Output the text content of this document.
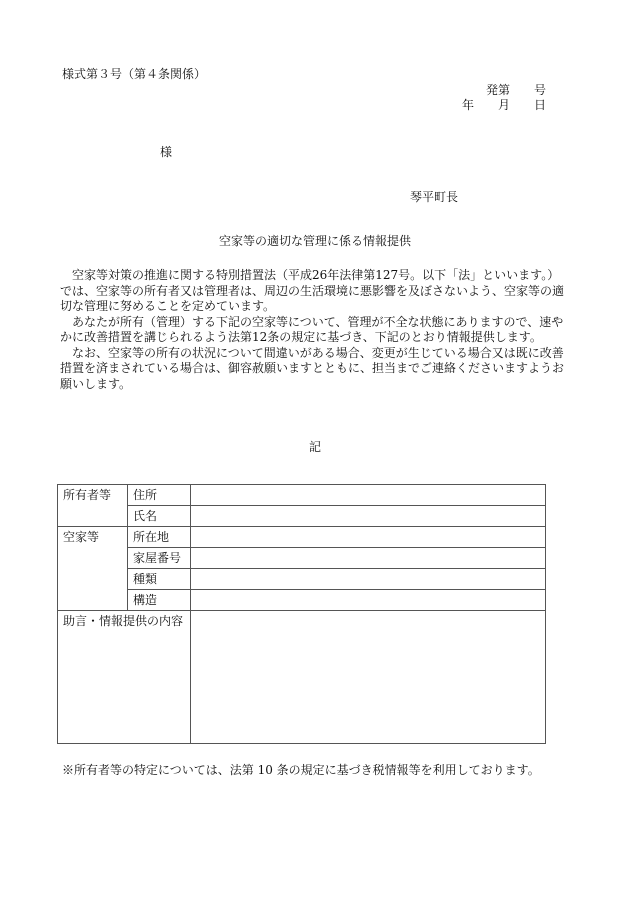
様式第３号（第４条関係）
発第　　号
年　　月　　日
様
琴平町長
空家等の適切な管理に係る情報提供

　空家等対策の推進に関する特別措置法（平成26年法律第127号。以下「法」といいます。）では、空家等の所有者又は管理者は、周辺の生活環境に悪影響を及ぼさないよう、空家等の適切な管理に努めることを定めています。

　あなたが所有（管理）する下記の空家等について、管理が不全な状態にありますので、速やかに改善措置を講じられるよう法第12条の規定に基づき、下記のとおり情報提供します。

　なお、空家等の所有の状況について間違いがある場合、変更が生じている場合又は既に改善措置を済まされている場合は、御容赦願いますとともに、担当までご連絡くださいますようお願いします。

記
所有者等	住所	
	氏名	
空家等	所在地	
	家屋番号	
	種類	
	構造	
助言・情報提供の内容		
※所有者等の特定については、法第 10 条の規定に基づき税情報等を利用しております。
